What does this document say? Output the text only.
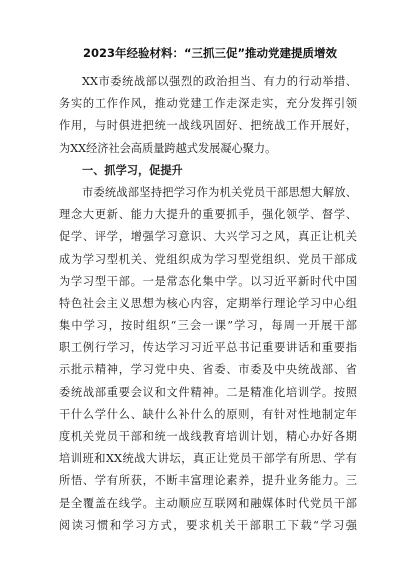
2023年经验材料：“三抓三促”推动党建提质增效
XX市委统战部以强烈的政治担当、有力的行动举措、
务实的工作作风，推动党建工作走深走实，充分发挥引领
作用，与时俱进把统一战线巩固好、把统战工作开展好，
为XX经济社会高质量跨越式发展凝心聚力。
一、抓学习，促提升
市委统战部坚持把学习作为机关党员干部思想大解放、
理念大更新、能力大提升的重要抓手，强化领学、督学、
促学、评学，增强学习意识、大兴学习之风，真正让机关
成为学习型机关、党组织成为学习型党组织、党员干部成
为学习型干部。一是常态化集中学。以习近平新时代中国
特色社会主义思想为核心内容，定期举行理论学习中心组
集中学习，按时组织“三会一课”学习，每周一开展干部
职工例行学习，传达学习习近平总书记重要讲话和重要指
示批示精神，学习党中央、省委、市委及中央统战部、省
委统战部重要会议和文件精神。二是精准化培训学。按照
干什么学什么、缺什么补什么的原则，有针对性地制定年
度机关党员干部和统一战线教育培训计划，精心办好各期
培训班和XX统战大讲坛，真正让党员干部学有所思、学有
所悟、学有所获，不断丰富理论素养，提升业务能力。三
是全覆盖在线学。主动顺应互联网和融媒体时代党员干部
阅读习惯和学习方式，要求机关干部职工下载“学习强
